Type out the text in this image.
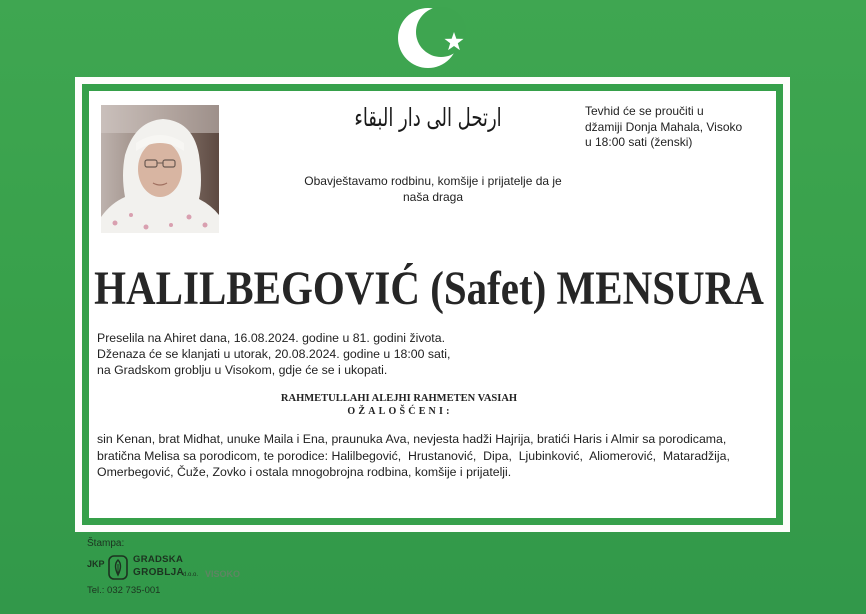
ارتحل الى دار البقاء	Tevhid će se proučiti u
džamiji Donja Mahala, Visoko
u 18:00 sati (ženski)
Obavještavamo rodbinu, komšije i prijatelje da je
naša draga
HALILBEGOVIĆ (Safet) MENSURA
Preselila na Ahiret dana, 16.08.2024. godine u 81. godini života.
Dženaza će se klanjati u utorak, 20.08.2024. godine u 18:00 sati,
na Gradskom groblju u Visokom, gdje će se i ukopati.
RAHMETULLAHI ALEJHI RAHMETEN VASIAH
OŽALOŠĆENI:
sin Kenan, brat Midhat, unuke Maila i Ena, praunuka Ava, nevjesta hadži Hajrija, bratići Haris i Almir sa porodicama,
bratična Melisa sa porodicom, te porodice: Halilbegović,  Hrustanović,  Dipa,  Ljubinković,  Aliomerović,  Mataradžija,
Omerbegović, Čuže, Zovko i ostala mnogobrojna rodbina, komšije i prijatelji.
Štampa:
JKP	GRADSKA
GROBLJA d.o.o. VISOKO
Tel.: 032 735-001
